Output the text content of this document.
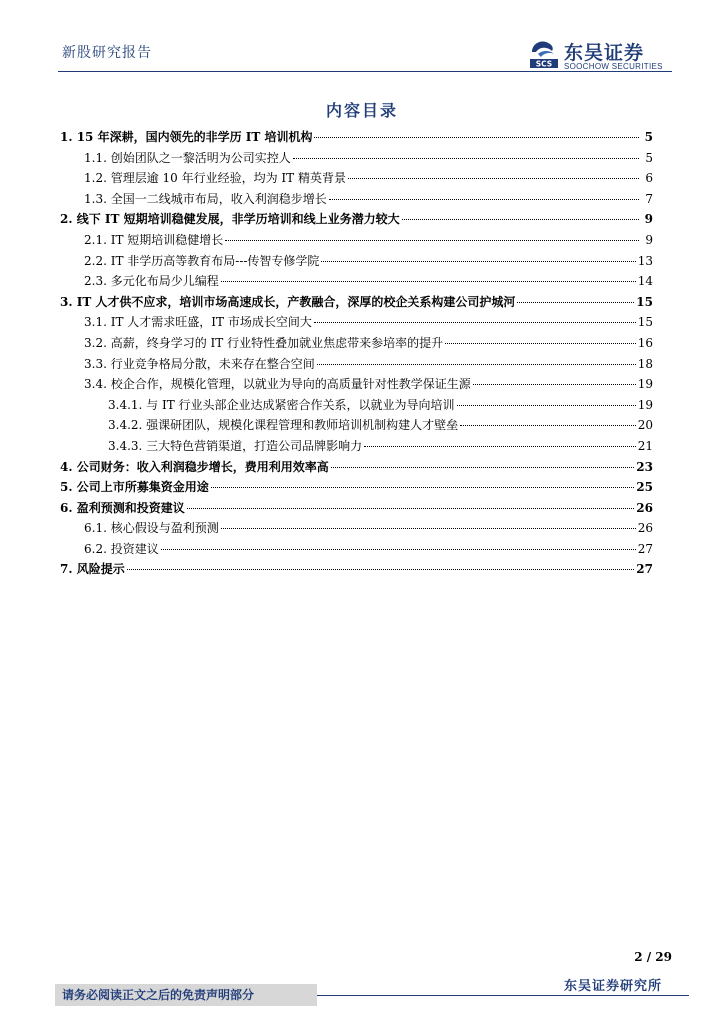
新股研究报告
SCS 东吴证券
SOOCHOW SECURITIES
内容目录
1. 15 年深耕，国内领先的非学历 IT 培训机构	5
1.1. 创始团队之一黎活明为公司实控人	5
1.2. 管理层逾 10 年行业经验，均为 IT 精英背景	6
1.3. 全国一二线城市布局，收入利润稳步增长	7
2. 线下 IT 短期培训稳健发展，非学历培训和线上业务潜力较大	9
2.1. IT 短期培训稳健增长	9
2.2. IT 非学历高等教育布局---传智专修学院	13
2.3. 多元化布局少儿编程	14
3. IT 人才供不应求，培训市场高速成长，产教融合，深厚的校企关系构建公司护城河	15
3.1. IT 人才需求旺盛，IT 市场成长空间大	15
3.2. 高薪，终身学习的 IT 行业特性叠加就业焦虑带来参培率的提升	16
3.3. 行业竞争格局分散，未来存在整合空间	18
3.4. 校企合作，规模化管理，以就业为导向的高质量针对性教学保证生源	19
3.4.1. 与 IT 行业头部企业达成紧密合作关系，以就业为导向培训	19
3.4.2. 强课研团队，规模化课程管理和教师培训机制构建人才壁垒	20
3.4.3. 三大特色营销渠道，打造公司品牌影响力	21
4. 公司财务：收入利润稳步增长，费用利用效率高	23
5. 公司上市所募集资金用途	25
6. 盈利预测和投资建议	26
6.1. 核心假设与盈利预测	26
6.2. 投资建议	27
7. 风险提示	27
2 / 29
请务必阅读正文之后的免责声明部分
东吴证券研究所
